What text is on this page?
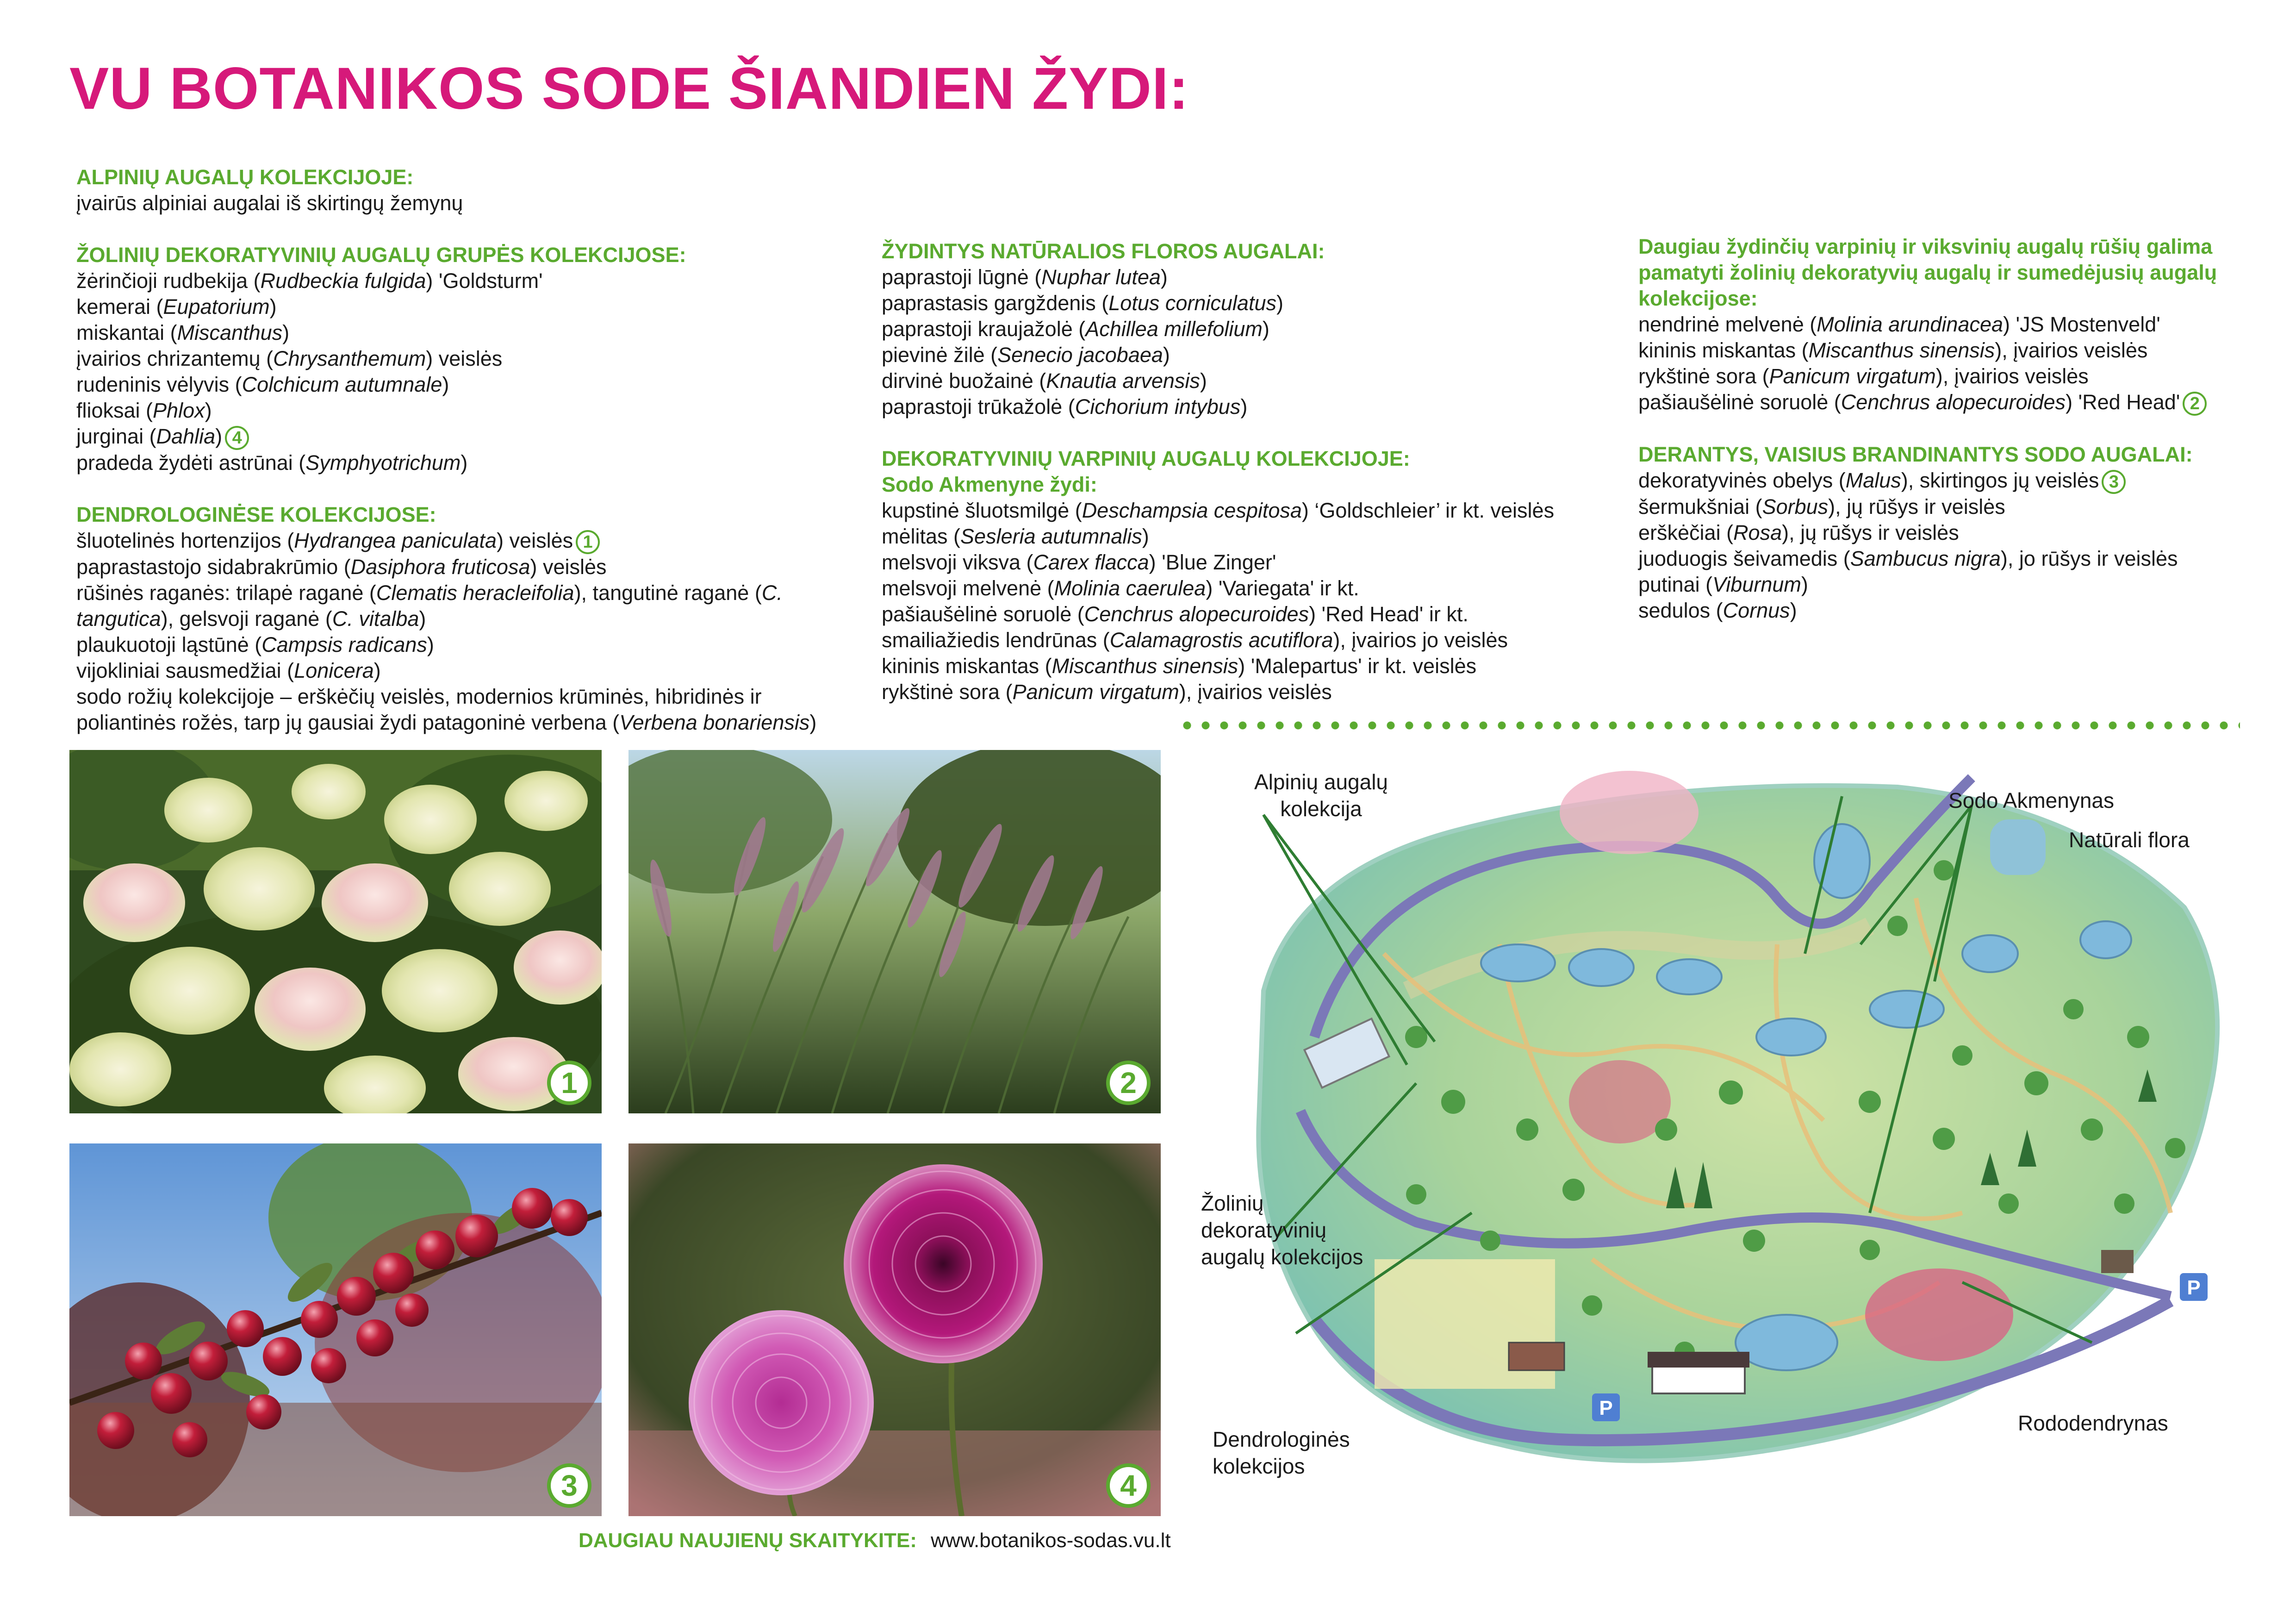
VU BOTANIKOS SODE ŠIANDIEN ŽYDI:
ALPINIŲ AUGALŲ KOLEKCIJOJE:
įvairūs alpiniai augalai iš skirtingų žemynų
ŽOLINIŲ DEKORATYVINIŲ AUGALŲ GRUPĖS KOLEKCIJOSE:
žėrinčioji rudbekija (Rudbeckia fulgida) 'Goldsturm'
kemerai (Eupatorium)
miskantai (Miscanthus)
įvairios chrizantemų (Chrysanthemum) veislės
rudeninis vėlyvis (Colchicum autumnale)
flioksai (Phlox)
jurginai (Dahlia) 4
pradeda žydėti astrūnai (Symphyotrichum)
DENDROLOGINĖSE KOLEKCIJOSE:
šluotelinės hortenzijos (Hydrangea paniculata) veislės 1
paprastastojo sidabrakrūmio (Dasiphora fruticosa) veislės
rūšinės raganės: trilapė raganė (Clematis heracleifolia), tangutinė raganė (C.
tangutica), gelsvoji raganė (C. vitalba)
plaukuotoji ląstūnė (Campsis radicans)
vijokliniai sausmedžiai (Lonicera)
sodo rožių kolekcijoje – erškėčių veislės, modernios krūminės, hibridinės ir
poliantinės rožės, tarp jų gausiai žydi patagoninė verbena (Verbena bonariensis)
ŽYDINTYS NATŪRALIOS FLOROS AUGALAI:
paprastoji lūgnė (Nuphar lutea)
paprastasis gargždenis (Lotus corniculatus)
paprastoji kraujažolė (Achillea millefolium)
pievinė žilė (Senecio jacobaea)
dirvinė buožainė (Knautia arvensis)
paprastoji trūkažolė (Cichorium intybus)
DEKORATYVINIŲ VARPINIŲ AUGALŲ KOLEKCIJOJE:
Sodo Akmenyne žydi:
kupstinė šluotsmilgė (Deschampsia cespitosa) ‘Goldschleier’ ir kt. veislės
mėlitas (Sesleria autumnalis)
melsvoji viksva (Carex flacca) 'Blue Zinger'
melsvoji melvenė (Molinia caerulea) 'Variegata' ir kt.
pašiaušėlinė soruolė (Cenchrus alopecuroides) 'Red Head' ir kt.
smailiažiedis lendrūnas (Calamagrostis acutiflora), įvairios jo veislės
kininis miskantas (Miscanthus sinensis) 'Malepartus' ir kt. veislės
rykštinė sora (Panicum virgatum), įvairios veislės
Daugiau žydinčių varpinių ir viksvinių augalų rūšių galima pamatyti žolinių dekoratyvių augalų ir sumedėjusių augalų kolekcijose:
nendrinė melvenė (Molinia arundinacea) 'JS Mostenveld'
kininis miskantas (Miscanthus sinensis), įvairios veislės
rykštinė sora (Panicum virgatum), įvairios veislės
pašiaušėlinė soruolė (Cenchrus alopecuroides) 'Red Head' 2
DERANTYS, VAISIUS BRANDINANTYS SODO AUGALAI:
dekoratyvinės obelys (Malus), skirtingos jų veislės 3
šermukšniai (Sorbus), jų rūšys ir veislės
erškėčiai (Rosa), jų rūšys ir veislės
juoduogis šeivamedis (Sambucus nigra), jo rūšys ir veislės
putinai (Viburnum)
sedulos (Cornus)
1	2
3	4
DAUGIAU NAUJIENŲ SKAITYKITE: www.botanikos-sodas.vu.lt
P
P
Alpinių augalų
kolekcija	Sodo Akmenynas
Natūrali flora
Žolinių
dekoratyvinių
augalų kolekcijos
Dendrologinės
kolekcijos
Rododendrynas
